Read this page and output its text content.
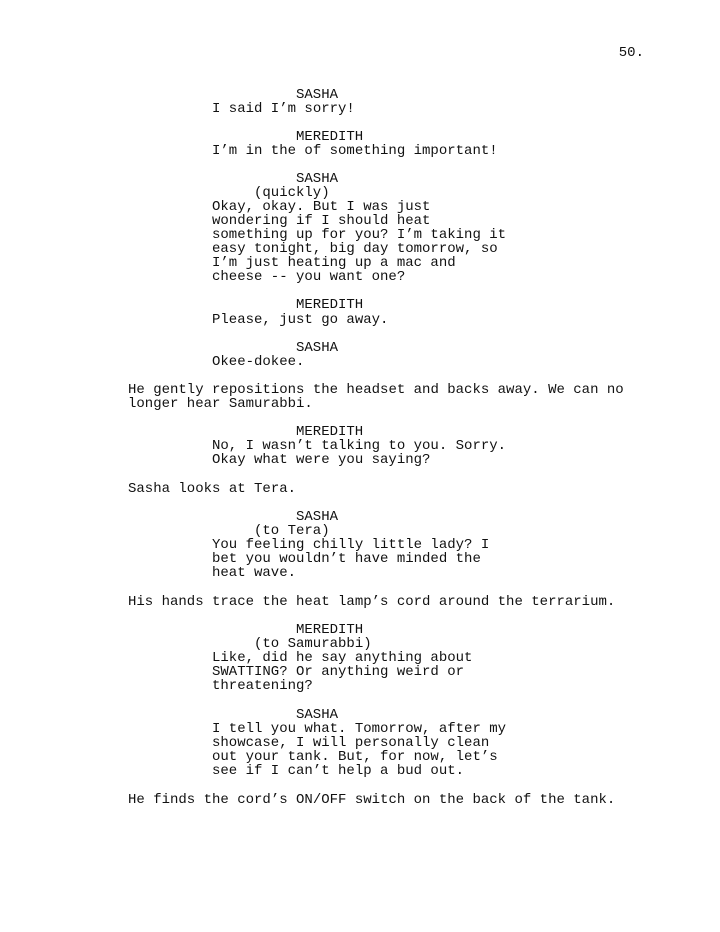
50.

SASHA

I said I’m sorry!

MEREDITH

I’m in the of something important!

SASHA

(quickly)

Okay, okay. But I was just

wondering if I should heat

something up for you? I’m taking it

easy tonight, big day tomorrow, so

I’m just heating up a mac and

cheese -- you want one?

MEREDITH

Please, just go away.

SASHA

Okee-dokee.

He gently repositions the headset and backs away. We can no

longer hear Samurabbi.

MEREDITH

No, I wasn’t talking to you. Sorry.

Okay what were you saying?

Sasha looks at Tera.

SASHA

(to Tera)

You feeling chilly little lady? I

bet you wouldn’t have minded the

heat wave.

His hands trace the heat lamp’s cord around the terrarium.

MEREDITH

(to Samurabbi)

Like, did he say anything about

SWATTING? Or anything weird or

threatening?

SASHA

I tell you what. Tomorrow, after my

showcase, I will personally clean

out your tank. But, for now, let’s

see if I can’t help a bud out.

He finds the cord’s ON/OFF switch on the back of the tank.
